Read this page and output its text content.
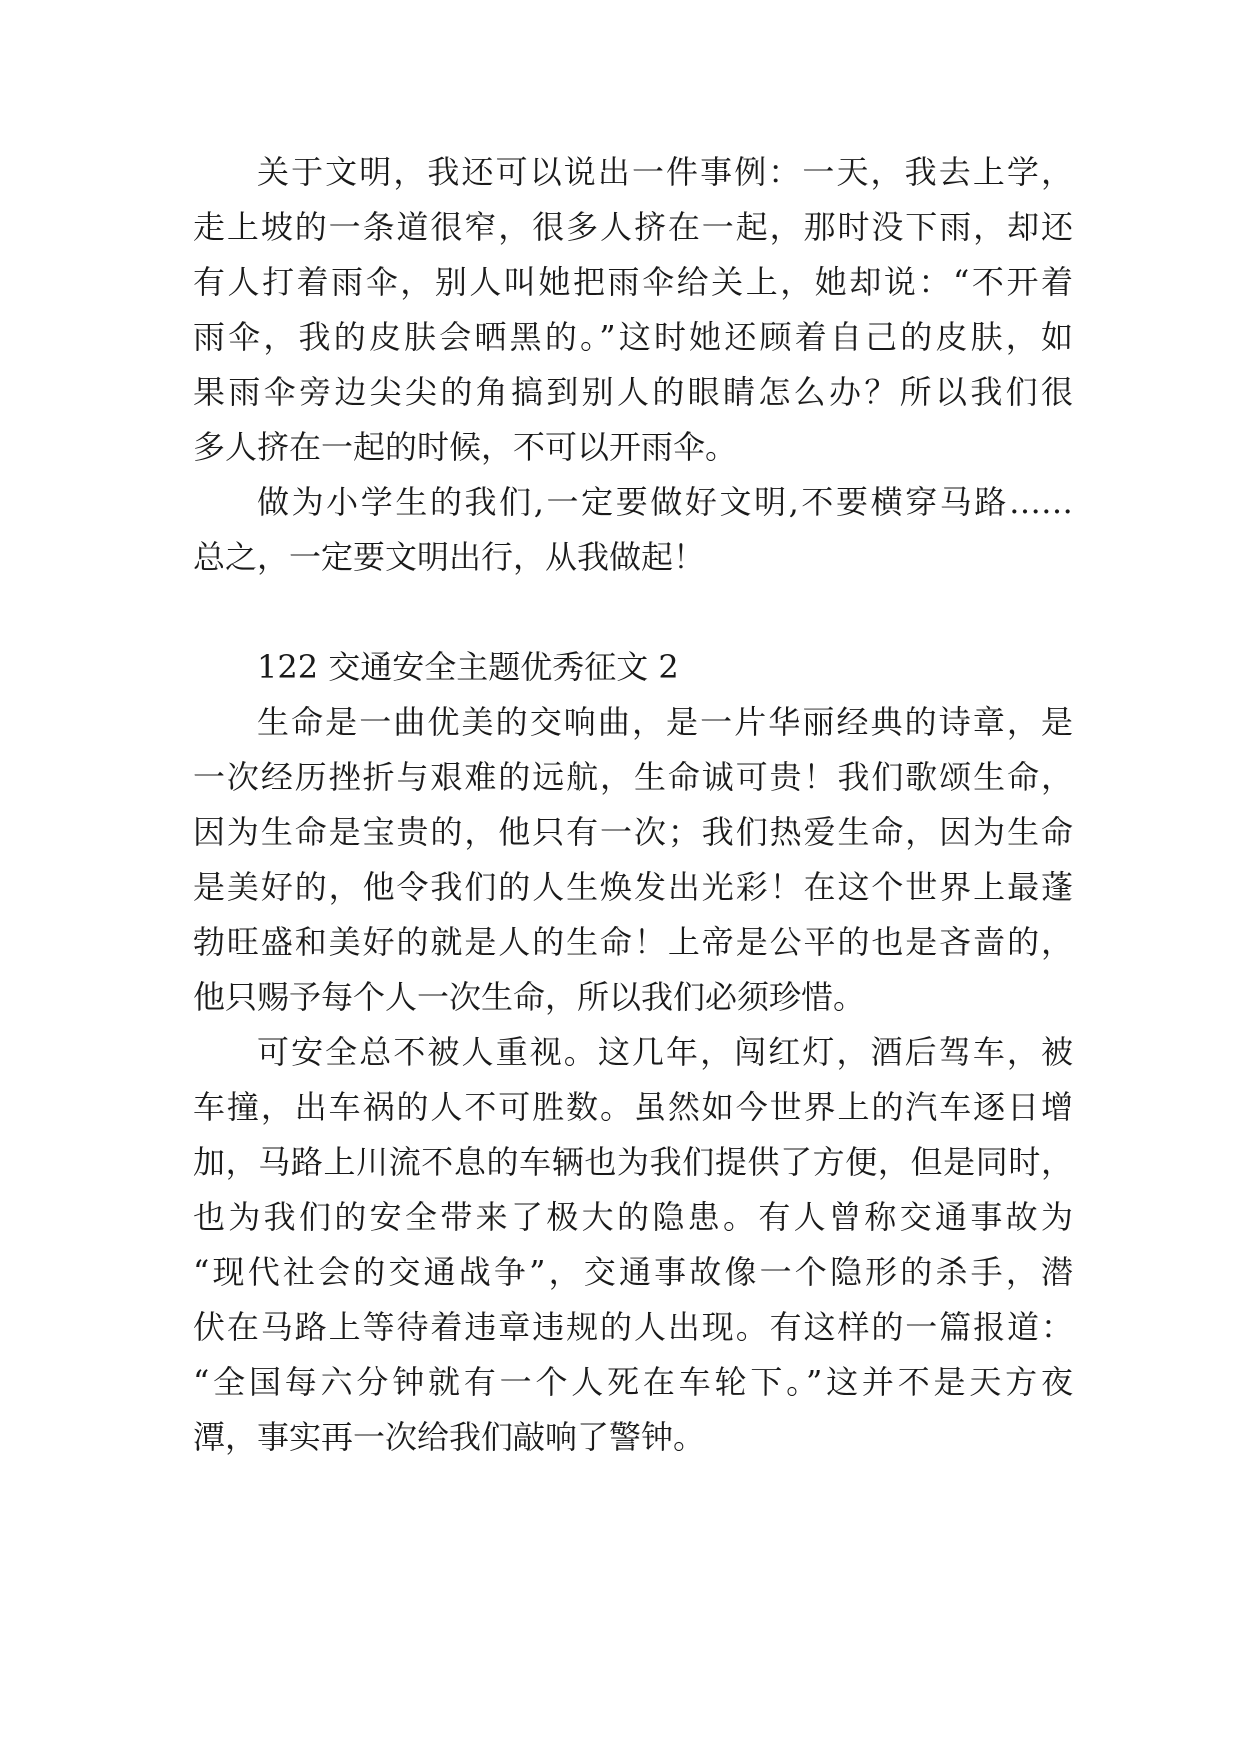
关于文明，我还可以说出一件事例：一天，我去上学，
走上坡的一条道很窄，很多人挤在一起，那时没下雨，却还
有人打着雨伞，别人叫她把雨伞给关上，她却说：“不开着
雨伞，我的皮肤会晒黑的。”这时她还顾着自己的皮肤，如
果雨伞旁边尖尖的角搞到别人的眼睛怎么办？所以我们很
多人挤在一起的时候，不可以开雨伞。
做为小学生的我们,一定要做好文明,不要横穿马路……
总之，一定要文明出行，从我做起！
122 交通安全主题优秀征文 2
生命是一曲优美的交响曲，是一片华丽经典的诗章，是
一次经历挫折与艰难的远航，生命诚可贵！我们歌颂生命，
因为生命是宝贵的，他只有一次；我们热爱生命，因为生命
是美好的，他令我们的人生焕发出光彩！在这个世界上最蓬
勃旺盛和美好的就是人的生命！上帝是公平的也是吝啬的，
他只赐予每个人一次生命，所以我们必须珍惜。
可安全总不被人重视。这几年，闯红灯，酒后驾车，被
车撞，出车祸的人不可胜数。虽然如今世界上的汽车逐日增
加，马路上川流不息的车辆也为我们提供了方便，但是同时，
也为我们的安全带来了极大的隐患。有人曾称交通事故为
“现代社会的交通战争”，交通事故像一个隐形的杀手，潜
伏在马路上等待着违章违规的人出现。有这样的一篇报道：
“全国每六分钟就有一个人死在车轮下。”这并不是天方夜
潭，事实再一次给我们敲响了警钟。
